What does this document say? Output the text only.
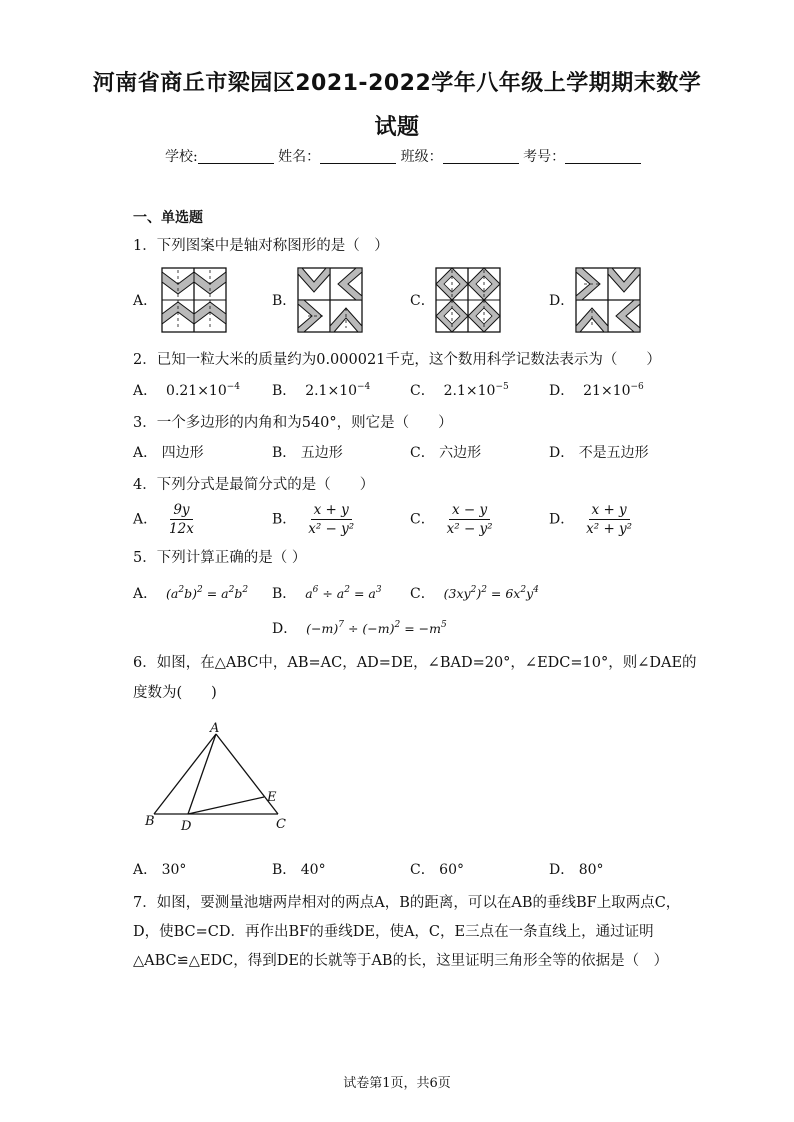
河南省商丘市梁园区2021-2022学年八年级上学期期末数学
试题
学校:	姓名：	班级：	考号：
一、单选题
1．下列图案中是轴对称图形的是（　）
A．	B．	C．	D．
2．已知一粒大米的质量约为0.000021千克，这个数用科学记数法表示为（　　）
A． $0.21\times 10^{-4}$ B． $2.1\times 10^{-4}$	C． $2.1\times 10^{-5}$	D． $21\times 10^{-6}$
3．一个多边形的内角和为540°，则它是（　　）
A． 四边形	B． 五边形	C． 六边形	D． 不是五边形
4．下列分式是最简分式的是（　　）
A． $\frac{9y}{12x}$	B． $\frac{x + y}{\text{x² − y²}}$	C． $\frac{x - y}{\text{x² − y²}}$	D． $\frac{x + y}{\text{x² + y²}}$
5．下列计算正确的是（ ）
A． $(a^2b)^2 = a^2b^2$ B． $a^6 \div a^2 = a^3$ C． $(3xy^2)^2 = 6x^2y^4$
D． $(-m)^7 \div (-m)^2 = -m^5$
6．如图，在△ABC中，AB=AC，AD=DE，∠BAD=20°，∠EDC=10°，则∠DAE的
度数为(　　)
A
B	C
D
E
A． 30°	B． 40°	C． 60°	D． 80°
7．如图，要测量池塘两岸相对的两点A，B的距离，可以在AB的垂线BF上取两点C，
D，使BC=CD．再作出BF的垂线DE，使A，C，E三点在一条直线上，通过证明
△ABC≌△EDC，得到DE的长就等于AB的长，这里证明三角形全等的依据是（　）
试卷第1页，共6页
